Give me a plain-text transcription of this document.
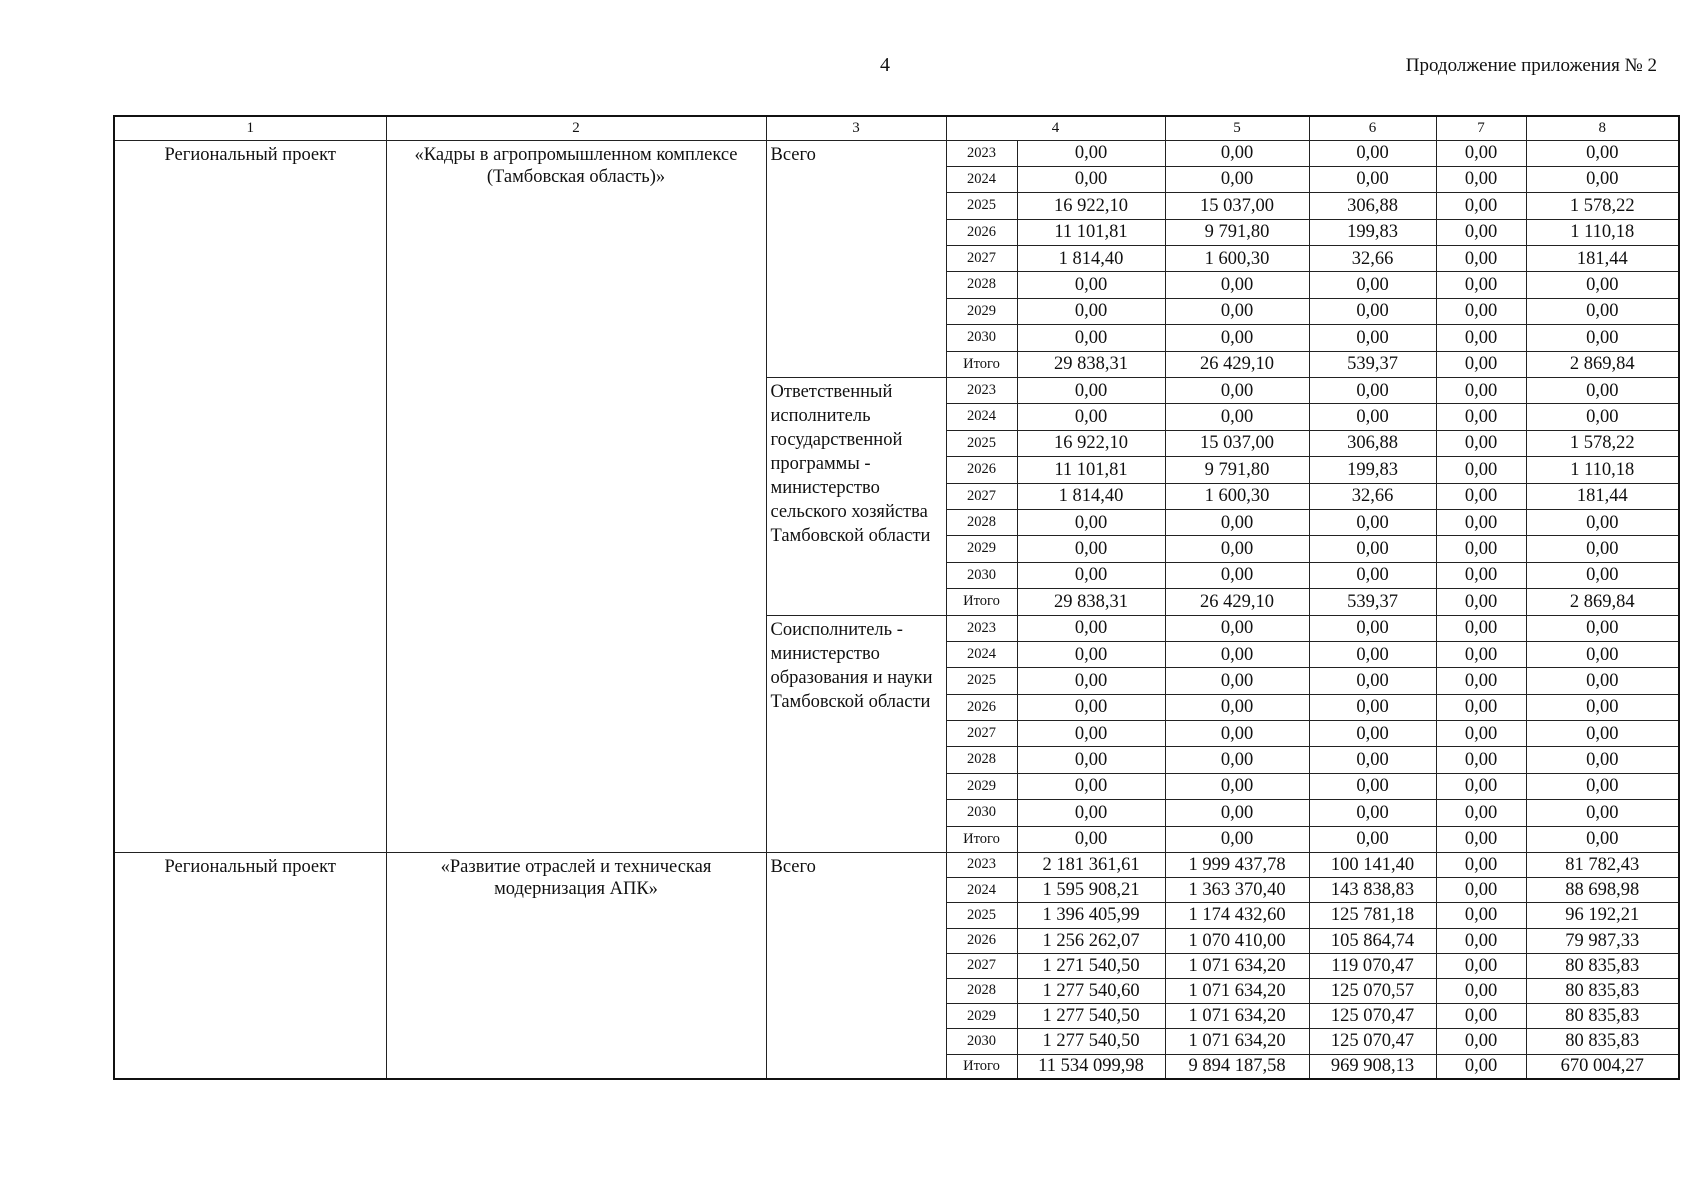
4	Продолжение приложения № 2
1	2	3	4		5	6	7	8
Региональный проект	«Кадры в агропромышленном комплексе (Тамбовская область)»	Всего	2023	0,00	0,00	0,00	0,00	0,00
			2024	0,00	0,00	0,00	0,00	0,00
			2025	16 922,10	15 037,00	306,88	0,00	1 578,22
			2026	11 101,81	9 791,80	199,83	0,00	1 110,18
			2027	1 814,40	1 600,30	32,66	0,00	181,44
			2028	0,00	0,00	0,00	0,00	0,00
			2029	0,00	0,00	0,00	0,00	0,00
			2030	0,00	0,00	0,00	0,00	0,00
			Итого	29 838,31	26 429,10	539,37	0,00	2 869,84
		Ответственный исполнитель государственной программы - министерство сельского хозяйства Тамбовской области	2023	0,00	0,00	0,00	0,00	0,00
			2024	0,00	0,00	0,00	0,00	0,00
			2025	16 922,10	15 037,00	306,88	0,00	1 578,22
			2026	11 101,81	9 791,80	199,83	0,00	1 110,18
			2027	1 814,40	1 600,30	32,66	0,00	181,44
			2028	0,00	0,00	0,00	0,00	0,00
			2029	0,00	0,00	0,00	0,00	0,00
			2030	0,00	0,00	0,00	0,00	0,00
			Итого	29 838,31	26 429,10	539,37	0,00	2 869,84
		Соисполнитель - министерство образования и науки Тамбовской области	2023	0,00	0,00	0,00	0,00	0,00
			2024	0,00	0,00	0,00	0,00	0,00
			2025	0,00	0,00	0,00	0,00	0,00
			2026	0,00	0,00	0,00	0,00	0,00
			2027	0,00	0,00	0,00	0,00	0,00
			2028	0,00	0,00	0,00	0,00	0,00
			2029	0,00	0,00	0,00	0,00	0,00
			2030	0,00	0,00	0,00	0,00	0,00
			Итого	0,00	0,00	0,00	0,00	0,00
Региональный проект	«Развитие отраслей и техническая модернизация АПК»	Всего	2023	2 181 361,61	1 999 437,78	100 141,40	0,00	81 782,43
			2024	1 595 908,21	1 363 370,40	143 838,83	0,00	88 698,98
			2025	1 396 405,99	1 174 432,60	125 781,18	0,00	96 192,21
			2026	1 256 262,07	1 070 410,00	105 864,74	0,00	79 987,33
			2027	1 271 540,50	1 071 634,20	119 070,47	0,00	80 835,83
			2028	1 277 540,60	1 071 634,20	125 070,57	0,00	80 835,83
			2029	1 277 540,50	1 071 634,20	125 070,47	0,00	80 835,83
			2030	1 277 540,50	1 071 634,20	125 070,47	0,00	80 835,83
			Итого	11 534 099,98	9 894 187,58	969 908,13	0,00	670 004,27
